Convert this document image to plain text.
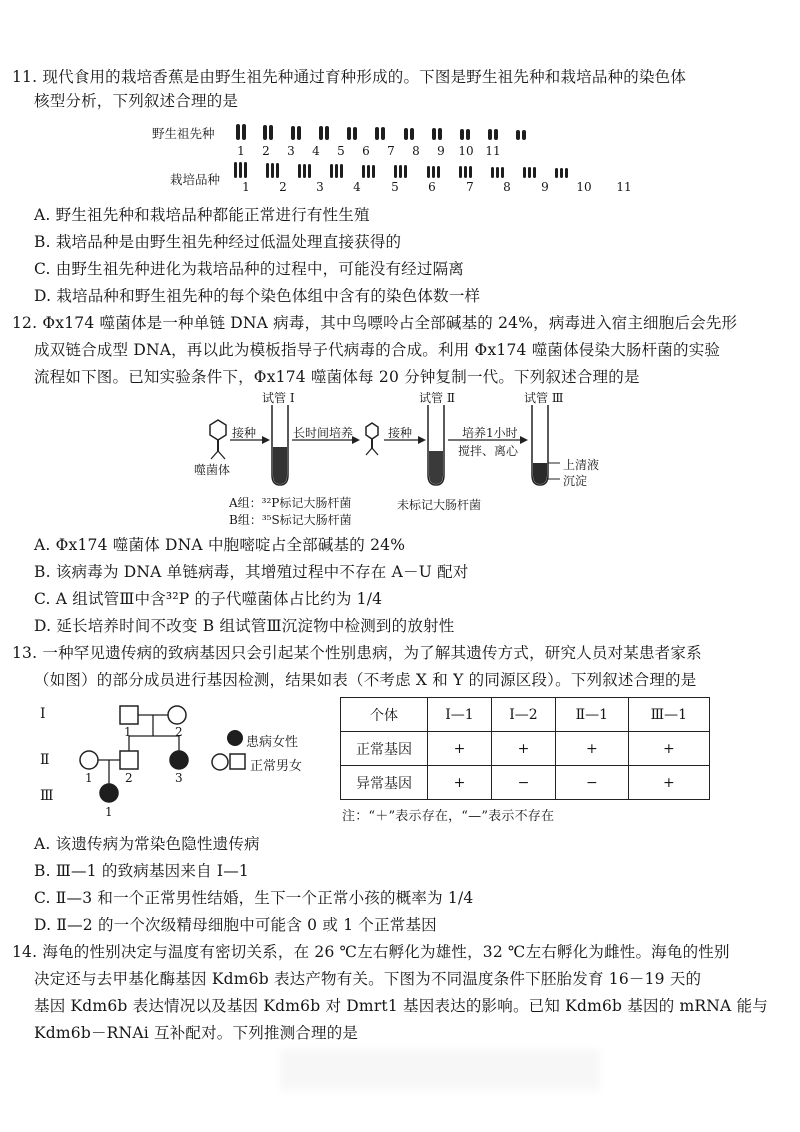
11. 现代食用的栽培香蕉是由野生祖先种通过育种形成的。下图是野生祖先种和栽培品种的染色体
核型分析，下列叙述合理的是
野生祖先种
栽培品种

1	2	3	4	5	6	7	8	9	10 11

1	2	3	4	5	6	7	8	9	10 11
A. 野生祖先种和栽培品种都能正常进行有性生殖
B. 栽培品种是由野生祖先种经过低温处理直接获得的
C. 由野生祖先种进化为栽培品种的过程中，可能没有经过隔离
D. 栽培品种和野生祖先种的每个染色体组中含有的染色体数一样
12. Φx174 噬菌体是一种单链 DNA 病毒，其中鸟嘌呤占全部碱基的 24%，病毒进入宿主细胞后会先形
成双链合成型 DNA，再以此为模板指导子代病毒的合成。利用 Φx174 噬菌体侵染大肠杆菌的实验
流程如下图。已知实验条件下，Φx174 噬菌体每 20 分钟复制一代。下列叙述合理的是
试管 Ⅰ	试管 Ⅱ	试管 Ⅲ
接种	长时间培养	接种	培养1小时
搅拌、离心
噬菌体	上清液
沉淀
A组：³²P标记大肠杆菌
B组：³⁵S标记大肠杆菌
未标记大肠杆菌
A. Φx174 噬菌体 DNA 中胞嘧啶占全部碱基的 24%
B. 该病毒为 DNA 单链病毒，其增殖过程中不存在 A－U 配对
C. A 组试管Ⅲ中含³²P 的子代噬菌体占比约为 1/4
D. 延长培养时间不改变 B 组试管Ⅲ沉淀物中检测到的放射性
13. 一种罕见遗传病的致病基因只会引起某个性别患病，为了解其遗传方式，研究人员对某患者家系
（如图）的部分成员进行基因检测，结果如表（不考虑 X 和 Y 的同源区段）。下列叙述合理的是
Ⅰ
Ⅱ
Ⅲ
1	2
1	2	3
1
患病女性
正常男女
个体	Ⅰ—1	Ⅰ—2	Ⅱ—1	Ⅲ—1
正常基因	+	+	+	+
异常基因	+	−	−	+
注：“＋”表示存在，“—”表示不存在
A. 该遗传病为常染色隐性遗传病
B. Ⅲ—1 的致病基因来自 Ⅰ—1
C. Ⅱ—3 和一个正常男性结婚，生下一个正常小孩的概率为 1/4
D. Ⅱ—2 的一个次级精母细胞中可能含 0 或 1 个正常基因
14. 海龟的性别决定与温度有密切关系，在 26 ℃左右孵化为雄性，32 ℃左右孵化为雌性。海龟的性别
决定还与去甲基化酶基因 Kdm6b 表达产物有关。下图为不同温度条件下胚胎发育 16－19 天的
基因 Kdm6b 表达情况以及基因 Kdm6b 对 Dmrt1 基因表达的影响。已知 Kdm6b 基因的 mRNA 能与
Kdm6b－RNAi 互补配对。下列推测合理的是
